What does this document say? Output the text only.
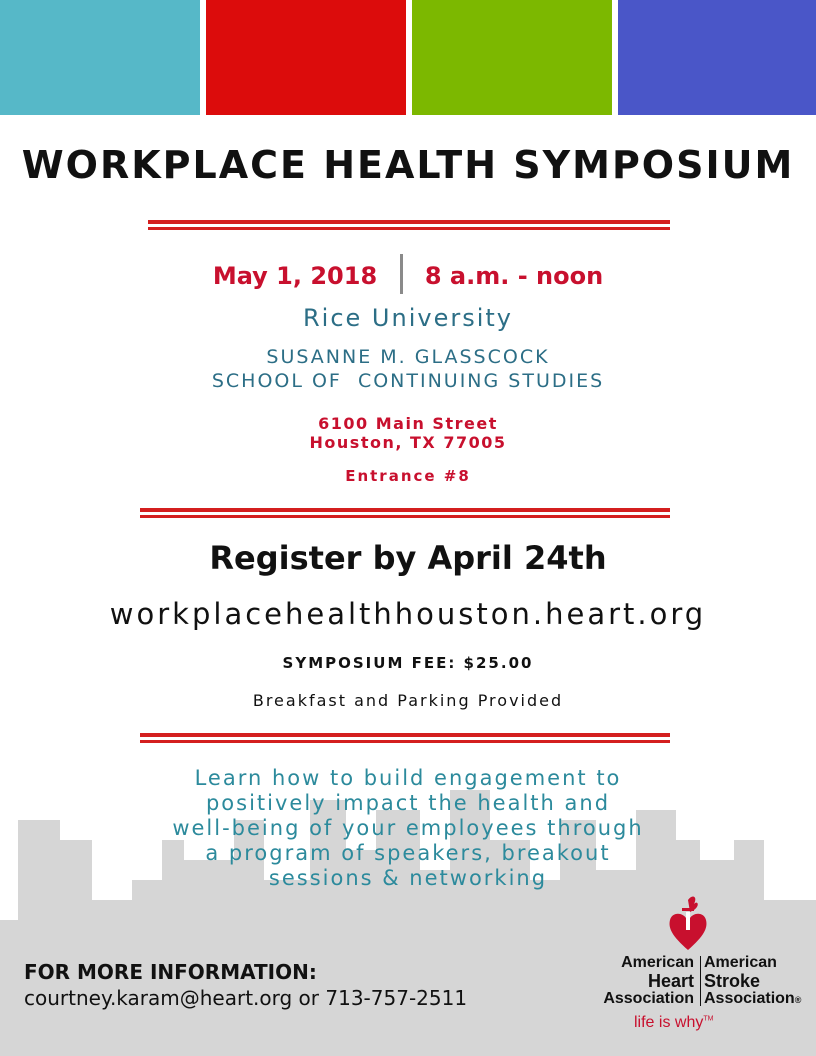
WORKPLACE HEALTH SYMPOSIUM
May 1, 2018 8 a.m. - noon
Rice University
SUSANNE M. GLASSCOCK
SCHOOL OF  CONTINUING STUDIES
6100 Main Street
Houston, TX 77005
Entrance #8
Register by April 24th
workplacehealthhouston.heart.org
SYMPOSIUM FEE: $25.00
Breakfast and Parking Provided
Learn how to build engagement to
positively impact the health and
well-being of your employees through
a program of speakers, breakout
sessions & networking
FOR MORE INFORMATION:
courtney.karam@heart.org or 713-757-2511
American
Heart
Association
American
Stroke
Association®
life is why™
